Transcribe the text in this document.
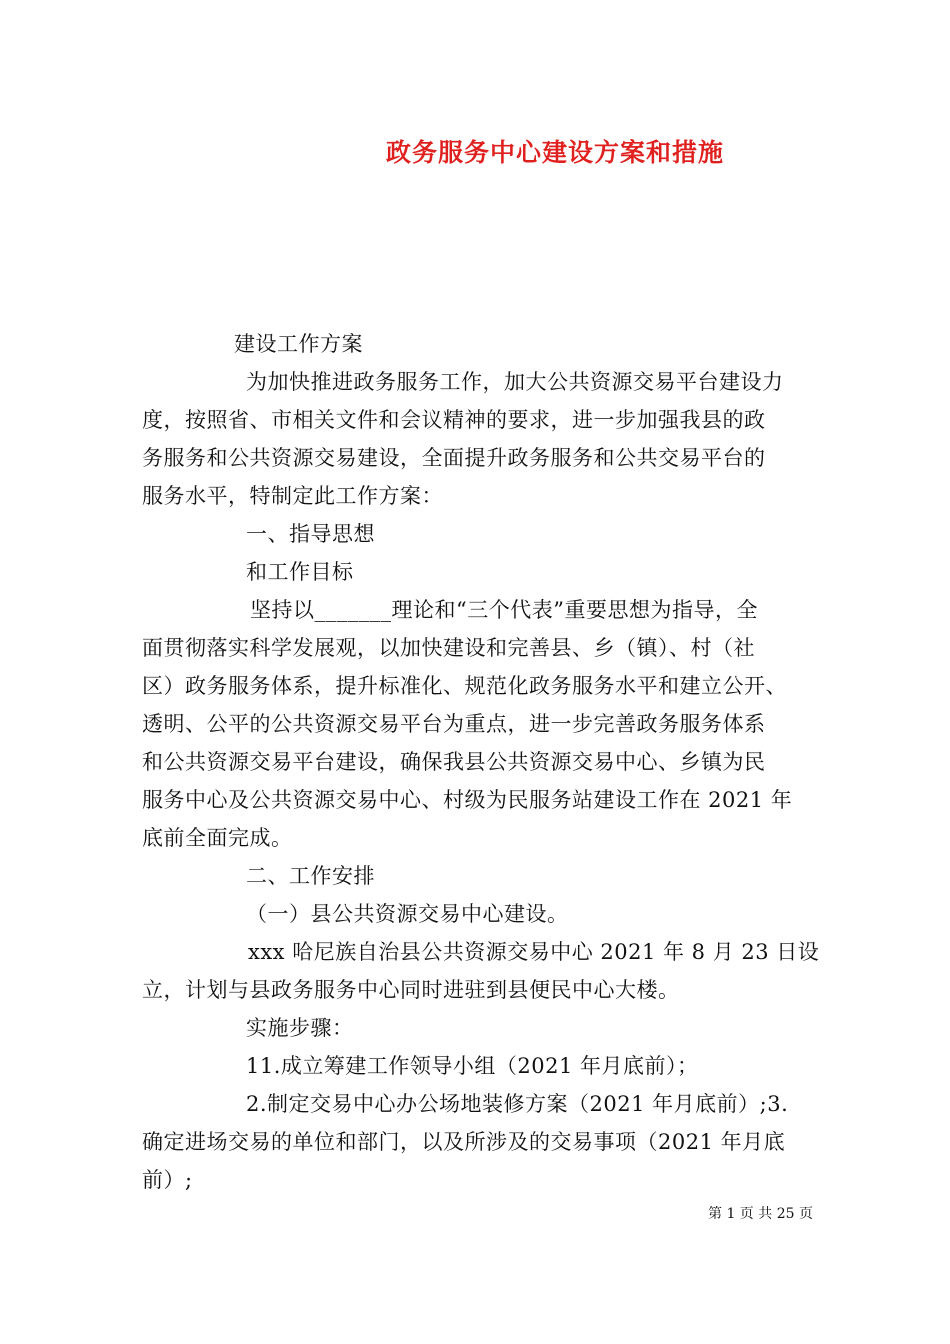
政务服务中心建设方案和措施
建设工作方案
为加快推进政务服务工作，加大公共资源交易平台建设力
度，按照省、市相关文件和会议精神的要求，进一步加强我县的政
务服务和公共资源交易建设，全面提升政务服务和公共交易平台的
服务水平，特制定此工作方案：
一、指导思想
和工作目标
坚持以_______理论和“三个代表”重要思想为指导，全
面贯彻落实科学发展观，以加快建设和完善县、乡（镇）、村（社
区）政务服务体系，提升标准化、规范化政务服务水平和建立公开、
透明、公平的公共资源交易平台为重点，进一步完善政务服务体系
和公共资源交易平台建设，确保我县公共资源交易中心、乡镇为民
服务中心及公共资源交易中心、村级为民服务站建设工作在 2021 年
底前全面完成。
二、工作安排
（一）县公共资源交易中心建设。
xxx 哈尼族自治县公共资源交易中心 2021 年 8 月 23 日设
立，计划与县政务服务中心同时进驻到县便民中心大楼。
实施步骤：
11.成立筹建工作领导小组（2021 年月底前）；
2.制定交易中心办公场地装修方案（2021 年月底前）;3.
确定进场交易的单位和部门，以及所涉及的交易事项（2021 年月底
前）;
第 1 页 共 25 页
